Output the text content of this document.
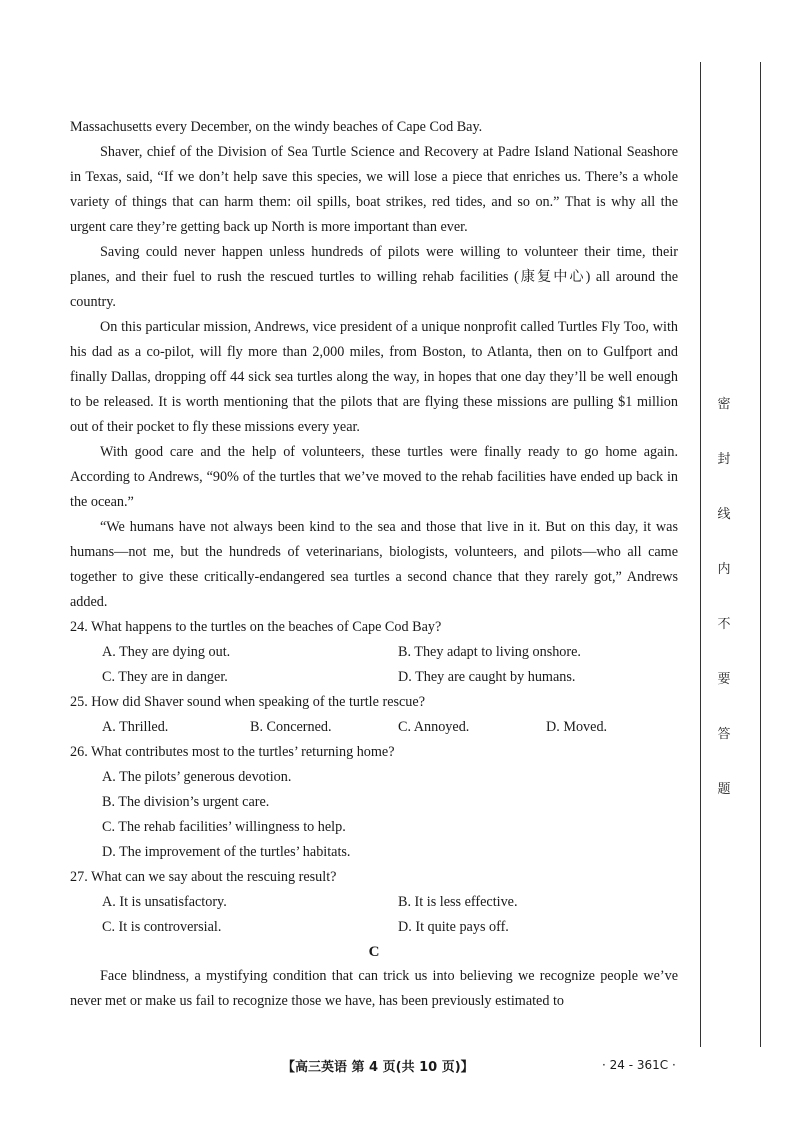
密
封
线
内
不
要
答
题

Massachusetts every December, on the windy beaches of Cape Cod Bay.

Shaver, chief of the Division of Sea Turtle Science and Recovery at Padre Island National Seashore in Texas, said, “If we don’t help save this species, we will lose a piece that enriches us. There’s a whole variety of things that can harm them: oil spills, boat strikes, red tides, and so on.” That is why all the urgent care they’re getting back up North is more important than ever.

Saving could never happen unless hundreds of pilots were willing to volunteer their time, their planes, and their fuel to rush the rescued turtles to willing rehab facilities (康复中心) all around the country.

On this particular mission, Andrews, vice president of a unique nonprofit called Turtles Fly Too, with his dad as a co-pilot, will fly more than 2,000 miles, from Boston, to Atlanta, then on to Gulfport and finally Dallas, dropping off 44 sick sea turtles along the way, in hopes that one day they’ll be well enough to be released. It is worth mentioning that the pilots that are flying these missions are pulling $1 million out of their pocket to fly these missions every year.

With good care and the help of volunteers, these turtles were finally ready to go home again. According to Andrews, “90% of the turtles that we’ve moved to the rehab facilities have ended up back in the ocean.”

“We humans have not always been kind to the sea and those that live in it. But on this day, it was humans—not me, but the hundreds of veterinarians, biologists, volunteers, and pilots—who all came together to give these critically-endangered sea turtles a second chance that they rarely got,” Andrews added.

24. What happens to the turtles on the beaches of Cape Cod Bay?

A. They are dying out.	B. They adapt to living onshore.
C. They are in danger.	D. They are caught by humans.

25. How did Shaver sound when speaking of the turtle rescue?

A. Thrilled.	B. Concerned.	C. Annoyed.	D. Moved.

26. What contributes most to the turtles’ returning home?

A. The pilots’ generous devotion.
B. The division’s urgent care.
C. The rehab facilities’ willingness to help.
D. The improvement of the turtles’ habitats.

27. What can we say about the rescuing result?

A. It is unsatisfactory.	B. It is less effective.
C. It is controversial.	D. It quite pays off.

C

Face blindness, a mystifying condition that can trick us into believing we recognize people we’ve never met or make us fail to recognize those we have, has been previously estimated to

【高三英语 第 4 页(共 10 页)】	· 24 - 361C ·
